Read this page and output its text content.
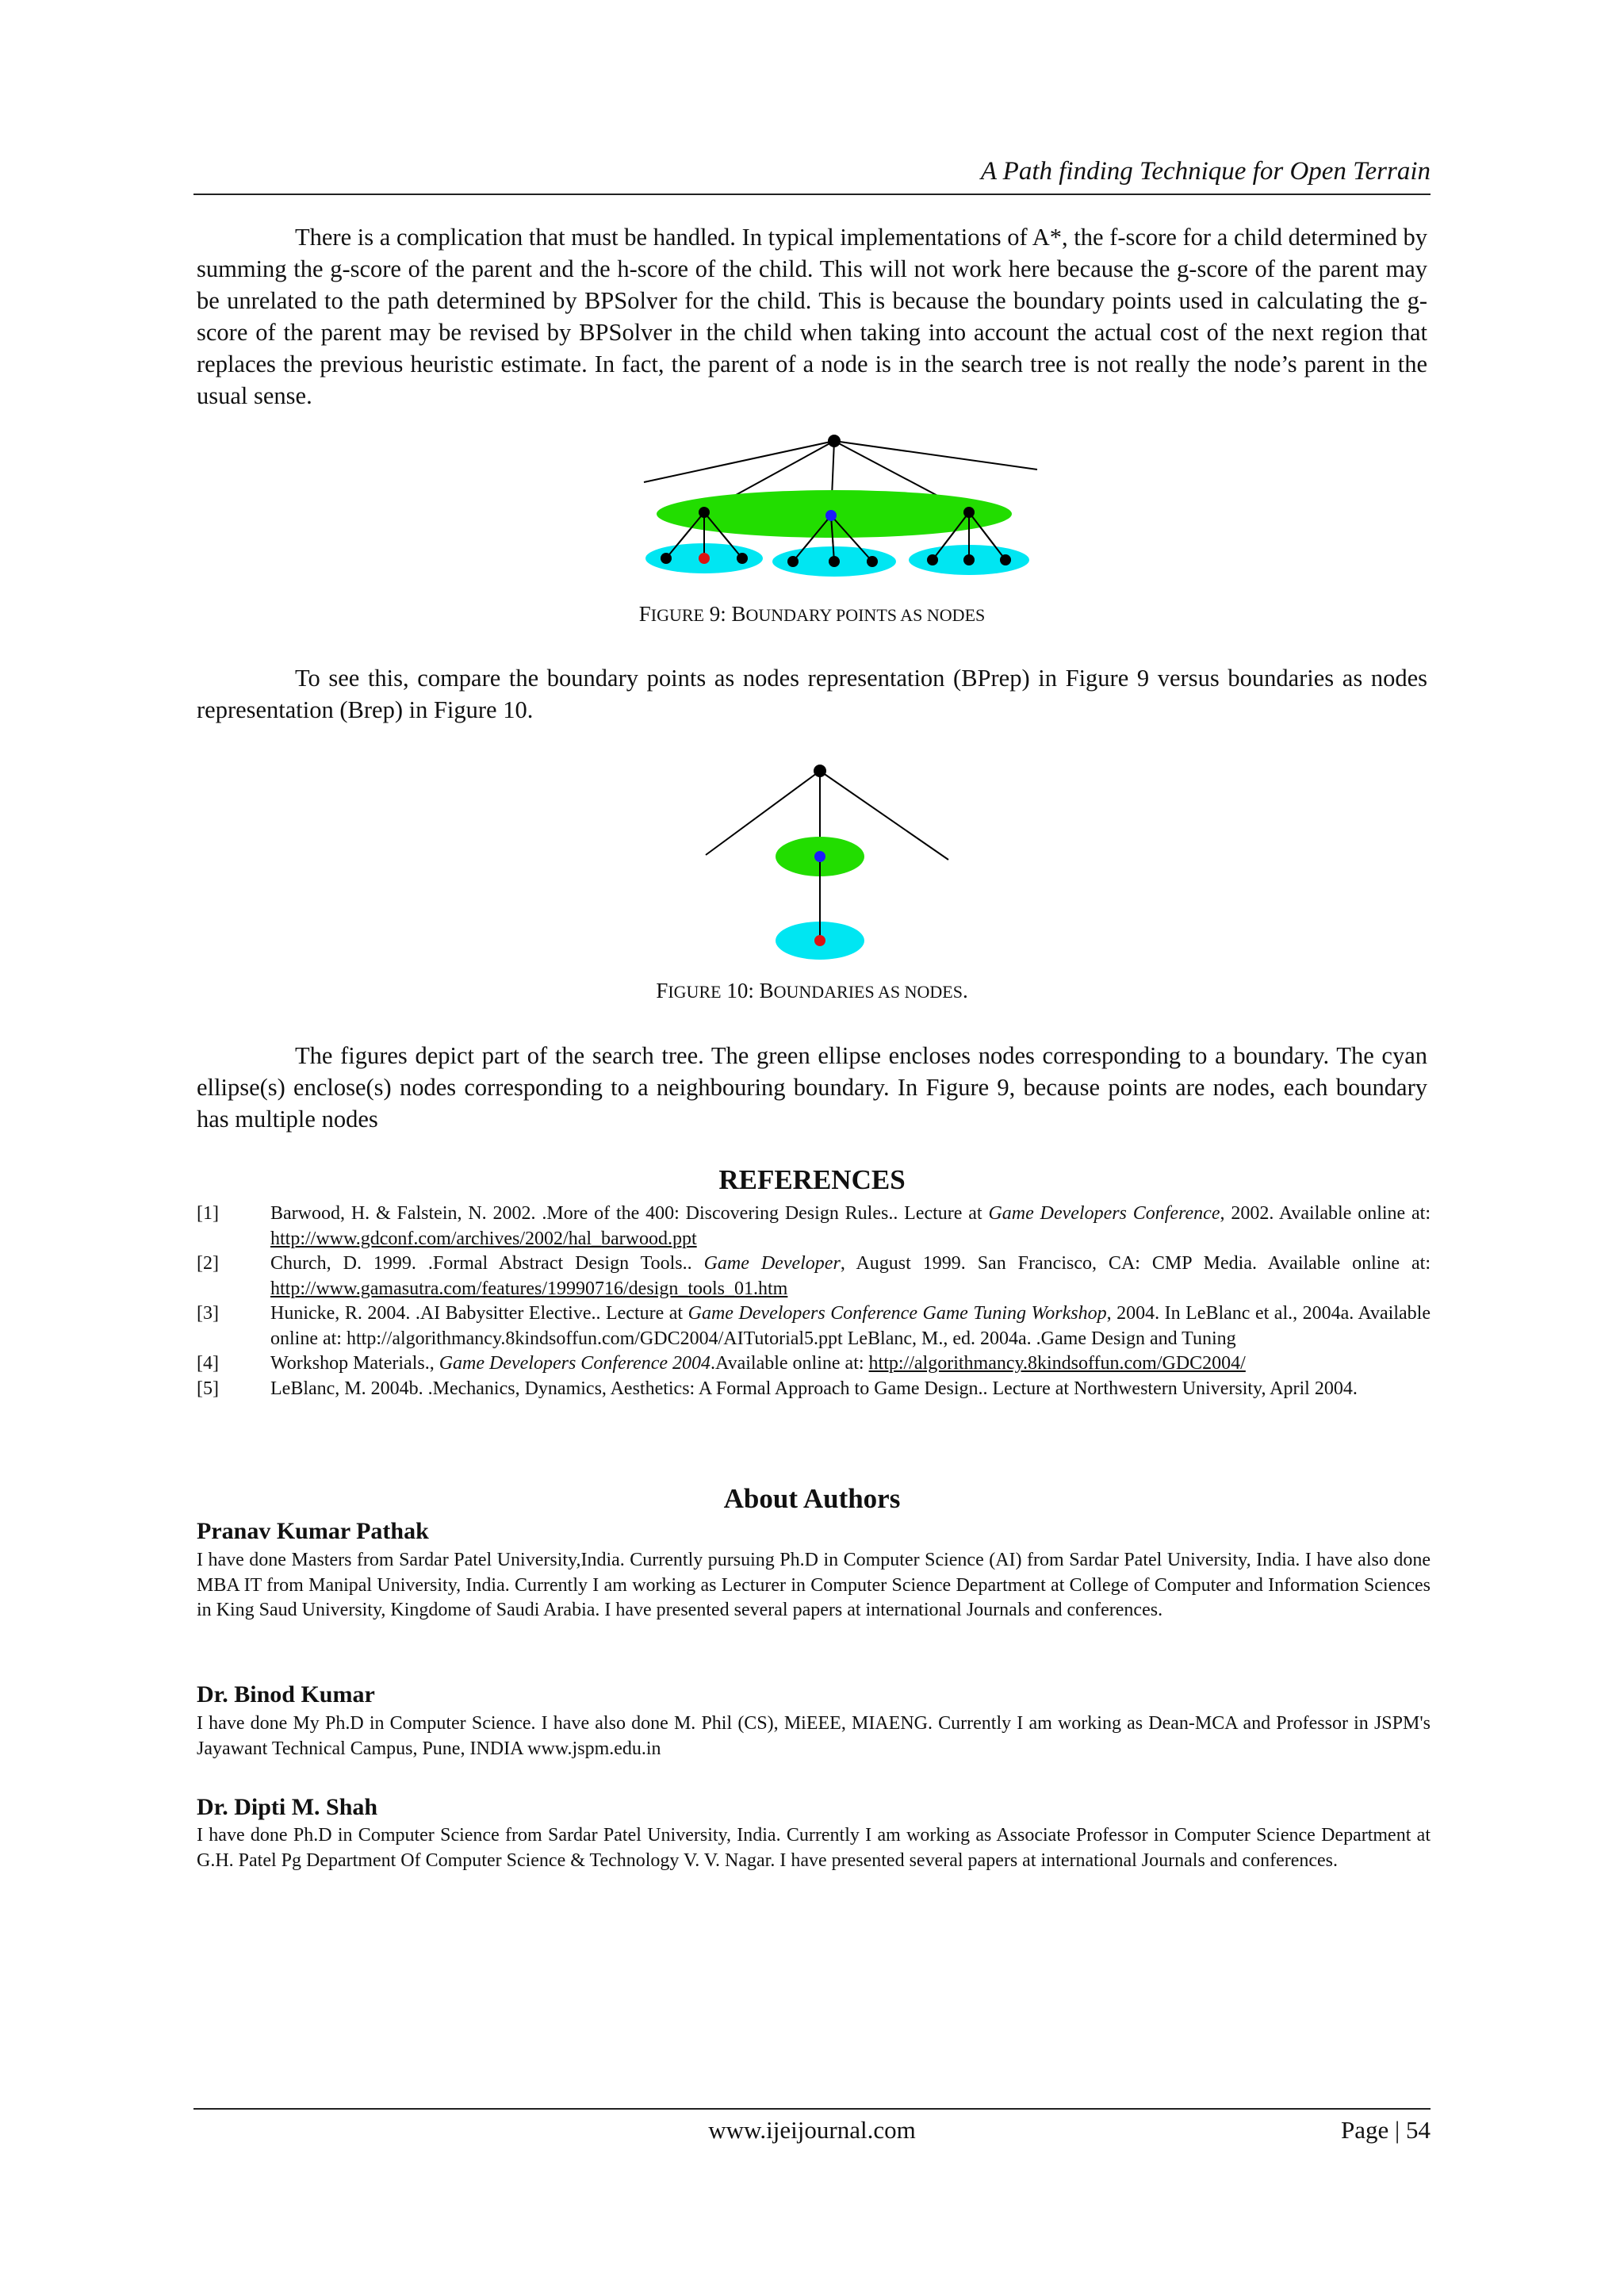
A Path finding Technique for Open Terrain

There is a complication that must be handled. In typical implementations of A*, the f-score for a child determined by summing the g-score of the parent and the h-score of the child. This will not work here because the g-score of the parent may be unrelated to the path determined by BPSolver for the child. This is because the boundary points used in calculating the g-score of the parent may be revised by BPSolver in the child when taking into account the actual cost of the next region that replaces the previous heuristic estimate. In fact, the parent of a node is in the search tree is not really the node’s parent in the usual sense.

FIGURE 9: BOUNDARY POINTS AS NODES

To see this, compare the boundary points as nodes representation (BPrep) in Figure 9 versus boundaries as nodes representation (Brep) in Figure 10.

FIGURE 10: BOUNDARIES AS NODES.

The figures depict part of the search tree. The green ellipse encloses nodes corresponding to a boundary. The cyan ellipse(s) enclose(s) nodes corresponding to a neighbouring boundary. In Figure 9, because points are nodes, each boundary has multiple nodes

REFERENCES
[1]	Barwood, H. & Falstein, N. 2002. .More of the 400: Discovering Design Rules.. Lecture at Game Developers Conference, 2002. Available online at: http://www.gdconf.com/archives/2002/hal_barwood.ppt
[2]	Church, D. 1999. .Formal Abstract Design Tools.. Game Developer, August 1999. San Francisco, CA: CMP Media. Available online at: http://www.gamasutra.com/features/19990716/design_tools_01.htm
[3]	Hunicke, R. 2004. .AI Babysitter Elective.. Lecture at Game Developers Conference Game Tuning Workshop, 2004. In LeBlanc et al., 2004a. Available online at: http://algorithmancy.8kindsoffun.com/GDC2004/AITutorial5.ppt LeBlanc, M., ed. 2004a. .Game Design and Tuning
[4]	Workshop Materials., Game Developers Conference 2004.Available online at: http://algorithmancy.8kindsoffun.com/GDC2004/
[5]	LeBlanc, M. 2004b. .Mechanics, Dynamics, Aesthetics: A Formal Approach to Game Design.. Lecture at Northwestern University, April 2004.
About Authors
Pranav Kumar Pathak

I have done Masters from Sardar Patel University,India. Currently pursuing Ph.D in Computer Science (AI) from Sardar Patel University, India. I have also done MBA IT from Manipal University, India. Currently I am working as Lecturer in Computer Science Department at College of Computer and Information Sciences in King Saud University, Kingdome of Saudi Arabia. I have presented several papers at international Journals and conferences.

Dr. Binod Kumar

I have done My Ph.D in Computer Science. I have also done M. Phil (CS), MiEEE, MIAENG. Currently I am working as Dean-MCA and Professor in JSPM's Jayawant Technical Campus, Pune, INDIA www.jspm.edu.in

Dr. Dipti M. Shah

I have done Ph.D in Computer Science from Sardar Patel University, India. Currently I am working as Associate Professor in Computer Science Department at G.H. Patel Pg Department Of Computer Science & Technology V. V. Nagar. I have presented several papers at international Journals and conferences.

www.ijeijournal.com	Page | 54
